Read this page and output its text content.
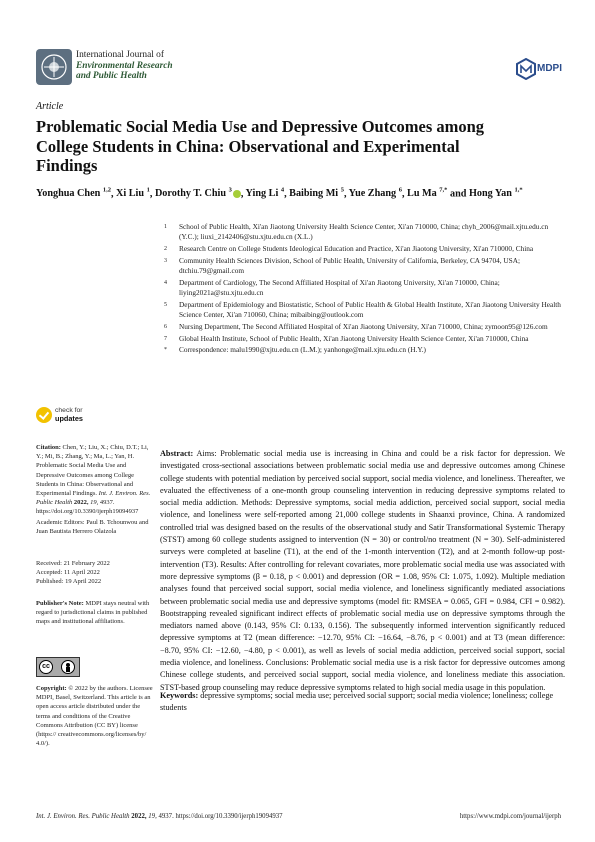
International Journal of
Environmental Research
and Public Health
MDPI
Article
Problematic Social Media Use and Depressive Outcomes among College Students in China: Observational and Experimental Findings
Yonghua Chen $^{1,2}$, Xi Liu $^1$, Dorothy T. Chiu $^3$ , Ying Li $^4$, Baibing Mi $^5$, Yue Zhang $^6$, Lu Ma $^{7,*}$ and Hong Yan $^{1,*}$
1 School of Public Health, Xi'an Jiaotong University Health Science Center, Xi'an 710000, China; chyh_2006@mail.xjtu.edu.cn (Y.C.); liuxi_2142406@stu.xjtu.edu.cn (X.L.)
2 Research Centre on College Students Ideological Education and Practice, Xi'an Jiaotong University, Xi'an 710000, China
3 Community Health Sciences Division, School of Public Health, University of California, Berkeley, CA 94704, USA; dtchiu.79@gmail.com
4 Department of Cardiology, The Second Affiliated Hospital of Xi'an Jiaotong University, Xi'an 710000, China; liying2021a@stu.xjtu.edu.cn
5 Department of Epidemiology and Biostatistic, School of Public Health & Global Health Institute, Xi'an Jiaotong University Health Science Center, Xi'an 710060, China; mibaibing@outlook.com
6 Nursing Department, The Second Affiliated Hospital of Xi'an Jiaotong University, Xi'an 710000, China; zymoon95@126.com
7 Global Health Institute, School of Public Health, Xi'an Jiaotong University Health Science Center, Xi'an 710000, China
* Correspondence: malu1990@xjtu.edu.cn (L.M.); yanhonge@mail.xjtu.edu.cn (H.Y.)
check for
updates
Citation: Chen, Y.; Liu, X.; Chiu, D.T.; Li, Y.; Mi, B.; Zhang, Y.; Ma, L.; Yan, H. Problematic Social Media Use and Depressive Outcomes among College Students in China: Observational and Experimental Findings. Int. J. Environ. Res. Public Health 2022, 19, 4937. https://doi.org/10.3390/ijerph19094937
Academic Editors: Paul B. Tchounwou and Juan Bautista Herrero Olaizola
Received: 21 February 2022
Accepted: 11 April 2022
Published: 19 April 2022
Publisher's Note: MDPI stays neutral with regard to jurisdictional claims in published maps and institutional affiliations.
cc
Copyright: © 2022 by the authors. Licensee MDPI, Basel, Switzerland. This article is an open access article distributed under the terms and conditions of the Creative Commons Attribution (CC BY) license (https:// creativecommons.org/licenses/by/ 4.0/).
Abstract: Aims: Problematic social media use is increasing in China and could be a risk factor for depression. We investigated cross-sectional associations between problematic social media use and depressive outcomes among Chinese college students with potential mediation by perceived social support, social media violence, and loneliness. Thereafter, we evaluated the effectiveness of a one-month group counseling intervention in reducing depressive symptoms related to social media addiction. Methods: Depressive symptoms, social media addiction, perceived social support, social media violence, and loneliness were self-reported among 21,000 college students in Shaanxi province, China. A randomized controlled trial was designed based on the results of the observational study and Satir Transformational Systemic Therapy (STST) among 60 college students assigned to intervention (N = 30) or control/no treatment (N = 30). Self-administered surveys were completed at baseline (T1), at the end of the 1-month intervention (T2), and at 2-month follow-up post-intervention (T3). Results: After controlling for relevant covariates, more problematic social media use was associated with more depressive symptoms (β = 0.18, p < 0.001) and depression (OR = 1.08, 95% CI: 1.075, 1.092). Multiple mediation analyses found that perceived social support, social media violence, and loneliness significantly mediated associations between problematic social media use and depressive symptoms (model fit: RMSEA = 0.065, GFI = 0.984, CFI = 0.982). Bootstrapping revealed significant indirect effects of problematic social media use on depressive symptoms through the mediators named above (0.143, 95% CI: 0.133, 0.156). The subsequently informed intervention significantly reduced depressive symptoms at T2 (mean difference: −12.70, 95% CI: −16.64, −8.76, p < 0.001) and at T3 (mean difference: −8.70, 95% CI: −12.60, −4.80, p < 0.001), as well as levels of social media addiction, perceived social support, social media violence, and loneliness. Conclusions: Problematic social media use is a risk factor for depressive outcomes among Chinese college students, and perceived social support, social media violence, and loneliness mediate this association. STST-based group counseling may reduce depressive symptoms related to high social media usage in this population.
Keywords: depressive symptoms; social media use; perceived social support; social media violence; loneliness; college students
Int. J. Environ. Res. Public Health 2022, 19, 4937. https://doi.org/10.3390/ijerph19094937	https://www.mdpi.com/journal/ijerph
